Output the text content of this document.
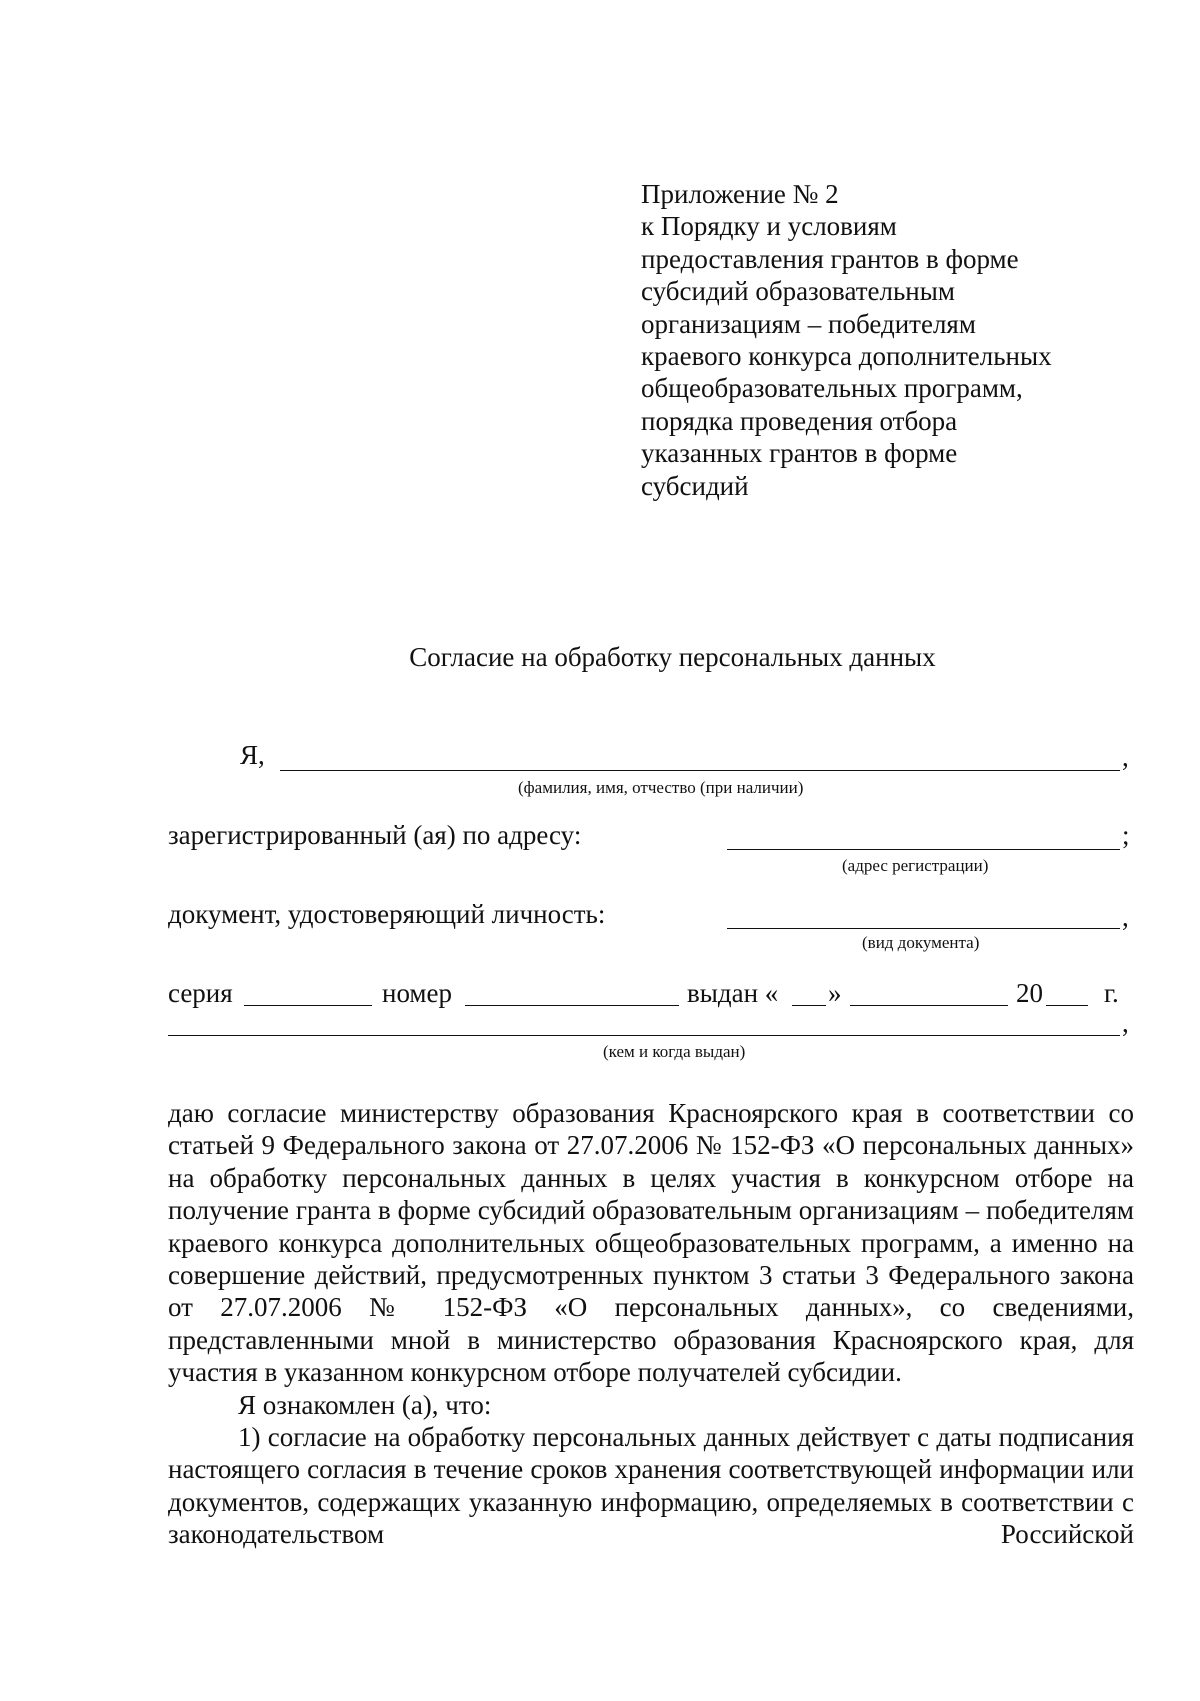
Приложение № 2
к Порядку и условиям
предоставления грантов в форме
субсидий образовательным
организациям – победителям
краевого конкурса дополнительных
общеобразовательных программ,
порядка проведения отбора
указанных грантов в форме
субсидий
Согласие на обработку персональных данных
Я,	,
(фамилия, имя, отчество (при наличии)
зарегистрированный (ая) по адресу:	;
(адрес регистрации)
документ, удостоверяющий личность:	,
(вид документа)
серия	номер	выдан « »	20 г.
,
(кем и когда выдан)

даю согласие министерству образования Красноярского края в соответствии со статьей 9 Федерального закона от 27.07.2006 № 152-ФЗ «О персональных данных» на обработку персональных данных в целях участия в конкурсном отборе на получение гранта в форме субсидий образовательным организациям – победителям краевого конкурса дополнительных общеобразовательных программ, а именно на совершение действий, предусмотренных пунктом 3 статьи 3 Федерального закона от 27.07.2006 № 152-ФЗ «О персональных данных», со сведениями, представленными мной в министерство образования Красноярского края, для участия в указанном конкурсном отборе получателей субсидии.

Я ознакомлен (а), что:

1) согласие на обработку персональных данных действует с даты подписания настоящего согласия в течение сроков хранения соответствующей информации или документов, содержащих указанную информацию, определяемых в соответствии с законодательством Российской
